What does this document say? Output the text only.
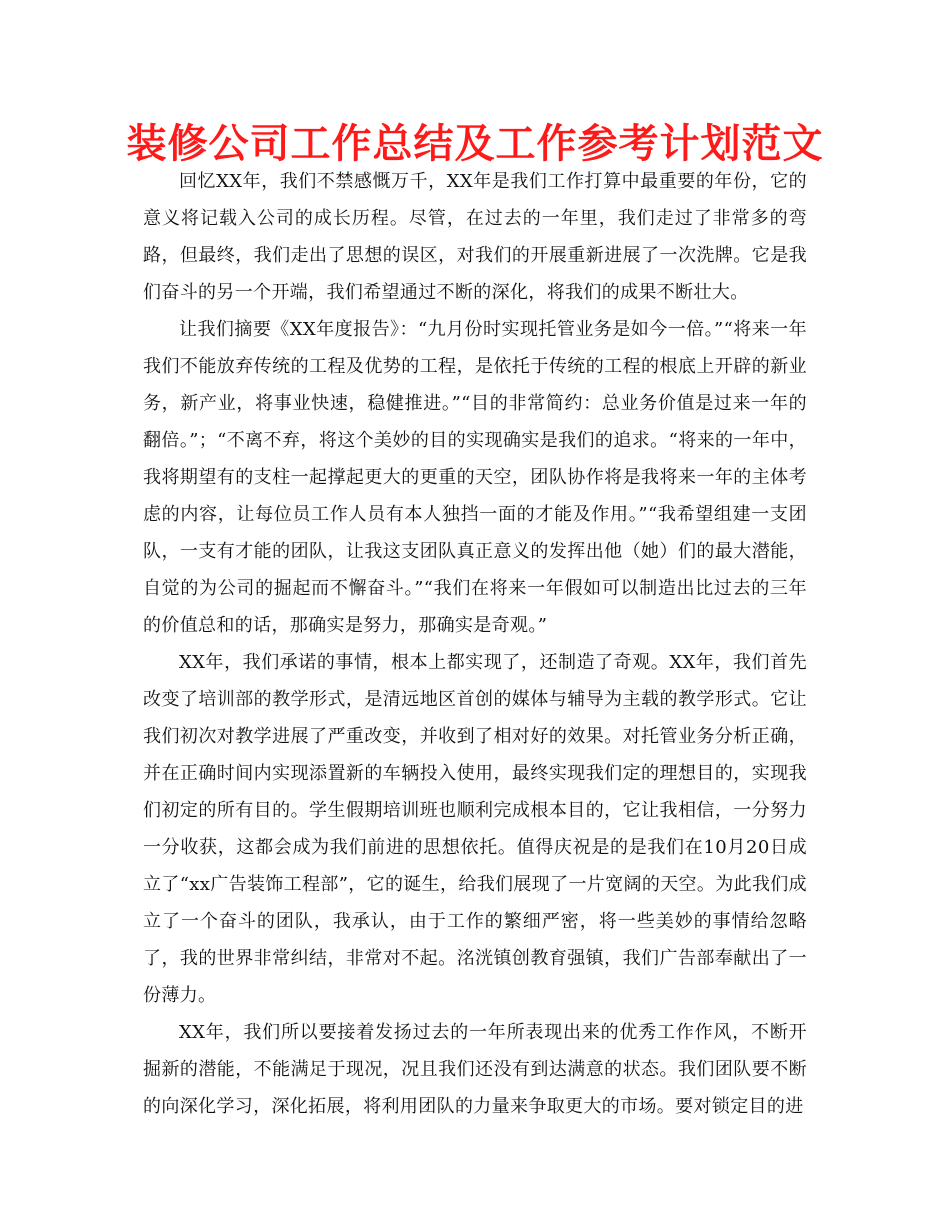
装修公司工作总结及工作参考计划范文

回忆XX年，我们不禁感慨万千，XX年是我们工作打算中最重要的年份，它的意义将记载入公司的成长历程。尽管，在过去的一年里，我们走过了非常多的弯路，但最终，我们走出了思想的误区，对我们的开展重新进展了一次洗牌。它是我们奋斗的另一个开端，我们希望通过不断的深化，将我们的成果不断壮大。

让我们摘要《XX年度报告》：“九月份时实现托管业务是如今一倍。”“将来一年我们不能放弃传统的工程及优势的工程，是依托于传统的工程的根底上开辟的新业务，新产业，将事业快速，稳健推进。”“目的非常简约：总业务价值是过来一年的翻倍。”；“不离不弃，将这个美妙的目的实现确实是我们的追求。“将来的一年中，我将期望有的支柱一起撑起更大的更重的天空，团队协作将是我将来一年的主体考虑的内容，让每位员工作人员有本人独挡一面的才能及作用。”“我希望组建一支团队，一支有才能的团队，让我这支团队真正意义的发挥出他（她）们的最大潜能，自觉的为公司的掘起而不懈奋斗。”“我们在将来一年假如可以制造出比过去的三年的价值总和的话，那确实是努力，那确实是奇观。”

XX年，我们承诺的事情，根本上都实现了，还制造了奇观。XX年，我们首先改变了培训部的教学形式，是清远地区首创的媒体与辅导为主载的教学形式。它让我们初次对教学进展了严重改变，并收到了相对好的效果。对托管业务分析正确，并在正确时间内实现添置新的车辆投入使用，最终实现我们定的理想目的，实现我们初定的所有目的。学生假期培训班也顺利完成根本目的，它让我相信，一分努力一分收获，这都会成为我们前进的思想依托。值得庆祝是的是我们在10月20日成立了“xx广告装饰工程部”，它的诞生，给我们展现了一片宽阔的天空。为此我们成立了一个奋斗的团队，我承认，由于工作的繁细严密，将一些美妙的事情给忽略了，我的世界非常纠结，非常对不起。洺洸镇创教育强镇，我们广告部奉献出了一份薄力。

XX年，我们所以要接着发扬过去的一年所表现出来的优秀工作作风，不断开掘新的潜能，不能满足于现况，况且我们还没有到达满意的状态。我们团队要不断的向深化学习，深化拓展，将利用团队的力量来争取更大的市场。要对锁定目的进
